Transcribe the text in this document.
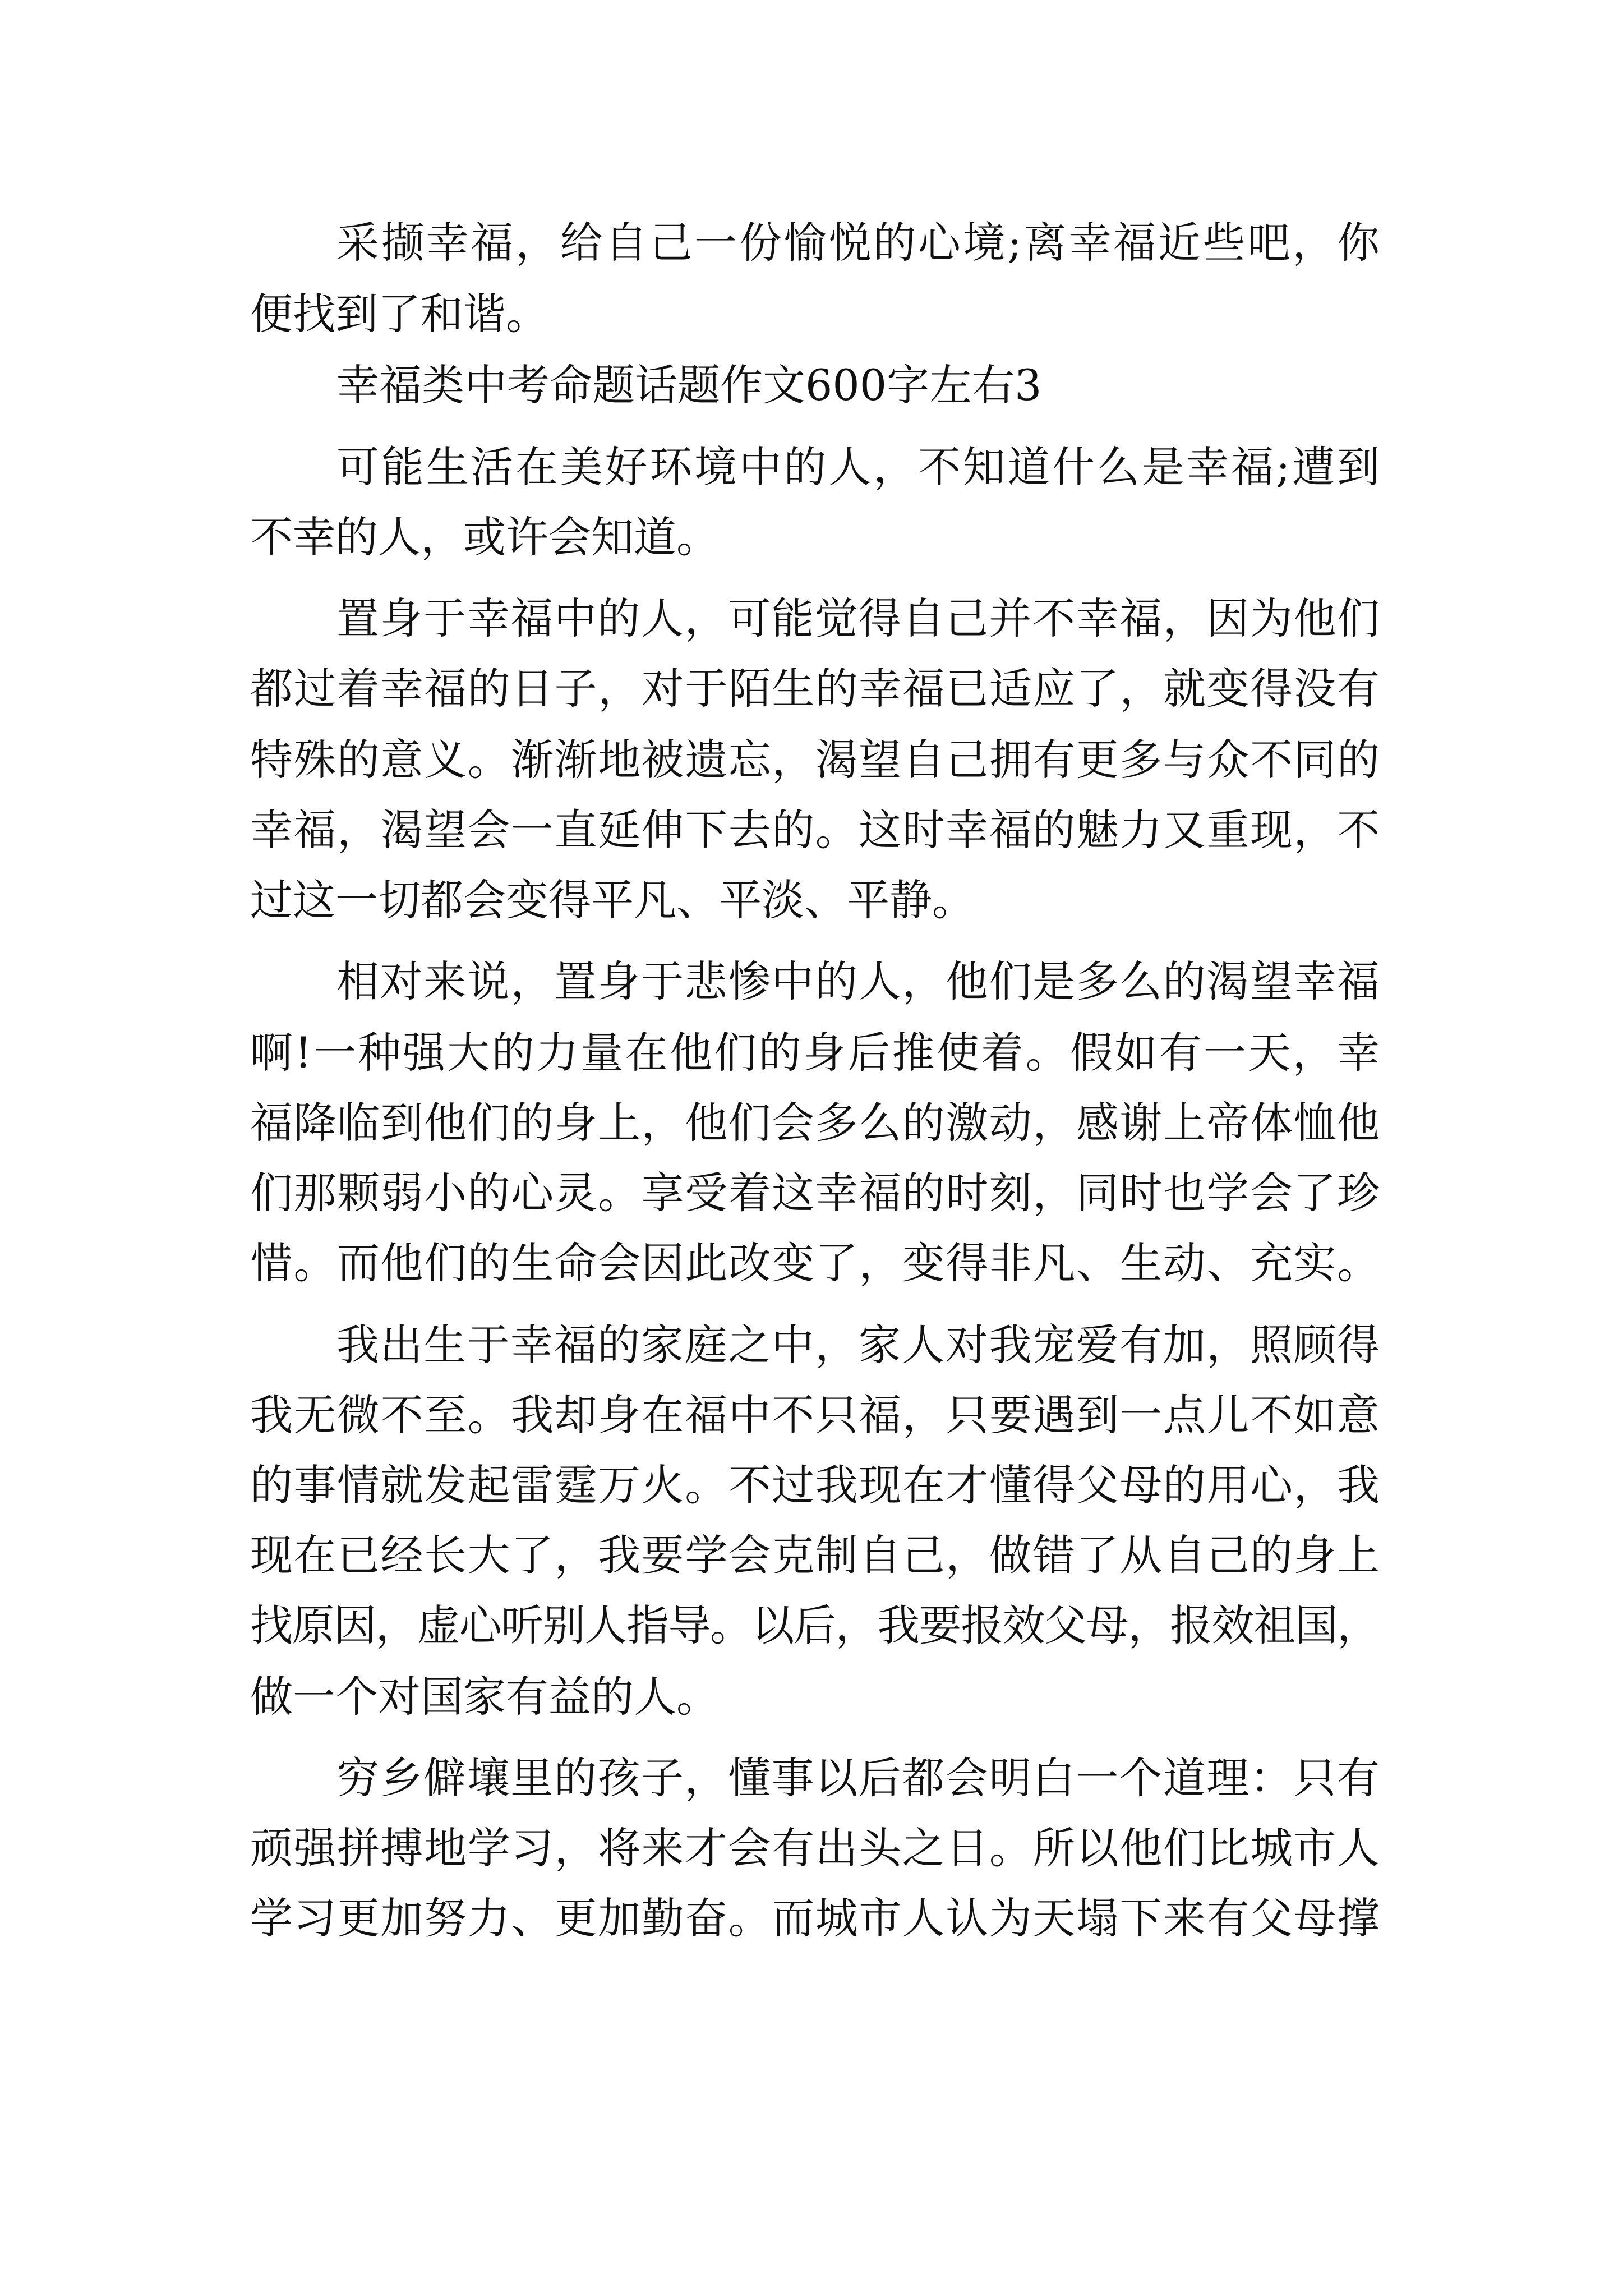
采撷幸福，给自己一份愉悦的心境;离幸福近些吧，你
便找到了和谐。
幸福类中考命题话题作文600字左右3
可能生活在美好环境中的人，不知道什么是幸福;遭到
不幸的人，或许会知道。
置身于幸福中的人，可能觉得自己并不幸福，因为他们
都过着幸福的日子，对于陌生的幸福已适应了，就变得没有
特殊的意义。渐渐地被遗忘，渴望自己拥有更多与众不同的
幸福，渴望会一直延伸下去的。这时幸福的魅力又重现，不
过这一切都会变得平凡、平淡、平静。
相对来说，置身于悲惨中的人，他们是多么的渴望幸福
啊!一种强大的力量在他们的身后推使着。假如有一天，幸
福降临到他们的身上，他们会多么的激动，感谢上帝体恤他
们那颗弱小的心灵。享受着这幸福的时刻，同时也学会了珍
惜。而他们的生命会因此改变了，变得非凡、生动、充实。
我出生于幸福的家庭之中，家人对我宠爱有加，照顾得
我无微不至。我却身在福中不只福，只要遇到一点儿不如意
的事情就发起雷霆万火。不过我现在才懂得父母的用心，我
现在已经长大了，我要学会克制自己，做错了从自己的身上
找原因，虚心听别人指导。以后，我要报效父母，报效祖国，
做一个对国家有益的人。
穷乡僻壤里的孩子，懂事以后都会明白一个道理：只有
顽强拼搏地学习，将来才会有出头之日。所以他们比城市人
学习更加努力、更加勤奋。而城市人认为天塌下来有父母撑
